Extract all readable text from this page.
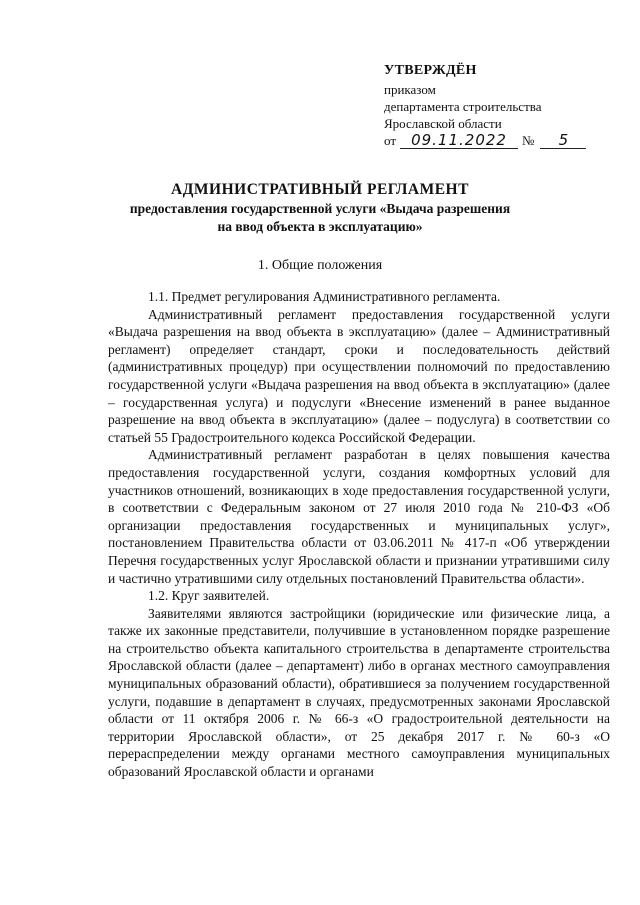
УТВЕРЖДЁН
приказом
департамента строительства
Ярославской области
от	09.11.2022	№	5
АДМИНИСТРАТИВНЫЙ РЕГЛАМЕНТ
предоставления государственной услуги «Выдача разрешения
на ввод объекта в эксплуатацию»
1. Общие положения

1.1. Предмет регулирования Административного регламента.

Административный регламент предоставления государственной услуги «Выдача разрешения на ввод объекта в эксплуатацию» (далее – Административный регламент) определяет стандарт, сроки и последовательность действий (административных процедур) при осуществлении полномочий по предоставлению государственной услуги «Выдача разрешения на ввод объекта в эксплуатацию» (далее – государственная услуга) и подуслуги «Внесение изменений в ранее выданное разрешение на ввод объекта в эксплуатацию» (далее – подуслуга) в соответствии со статьей 55 Градостроительного кодекса Российской Федерации.

Административный регламент разработан в целях повышения качества предоставления государственной услуги, создания комфортных условий для участников отношений, возникающих в ходе предоставления государственной услуги, в соответствии с Федеральным законом от 27 июля 2010 года № 210-ФЗ «Об организации предоставления государственных и муниципальных услуг», постановлением Правительства области от 03.06.2011 № 417-п «Об утверждении Перечня государственных услуг Ярославской области и признании утратившими силу и частично утратившими силу отдельных постановлений Правительства области».

1.2. Круг заявителей.

Заявителями являются застройщики (юридические или физические лица, а также их законные представители, получившие в установленном порядке разрешение на строительство объекта капитального строительства в департаменте строительства Ярославской области (далее – департамент) либо в органах местного самоуправления муниципальных образований области), обратившиеся за получением государственной услуги, подавшие в департамент в случаях, предусмотренных законами Ярославской области от 11 октября 2006 г. № 66-з «О градостроительной деятельности на территории Ярославской области», от 25 декабря 2017 г. № 60-з «О перераспределении между органами местного самоуправления муниципальных образований Ярославской области и органами
